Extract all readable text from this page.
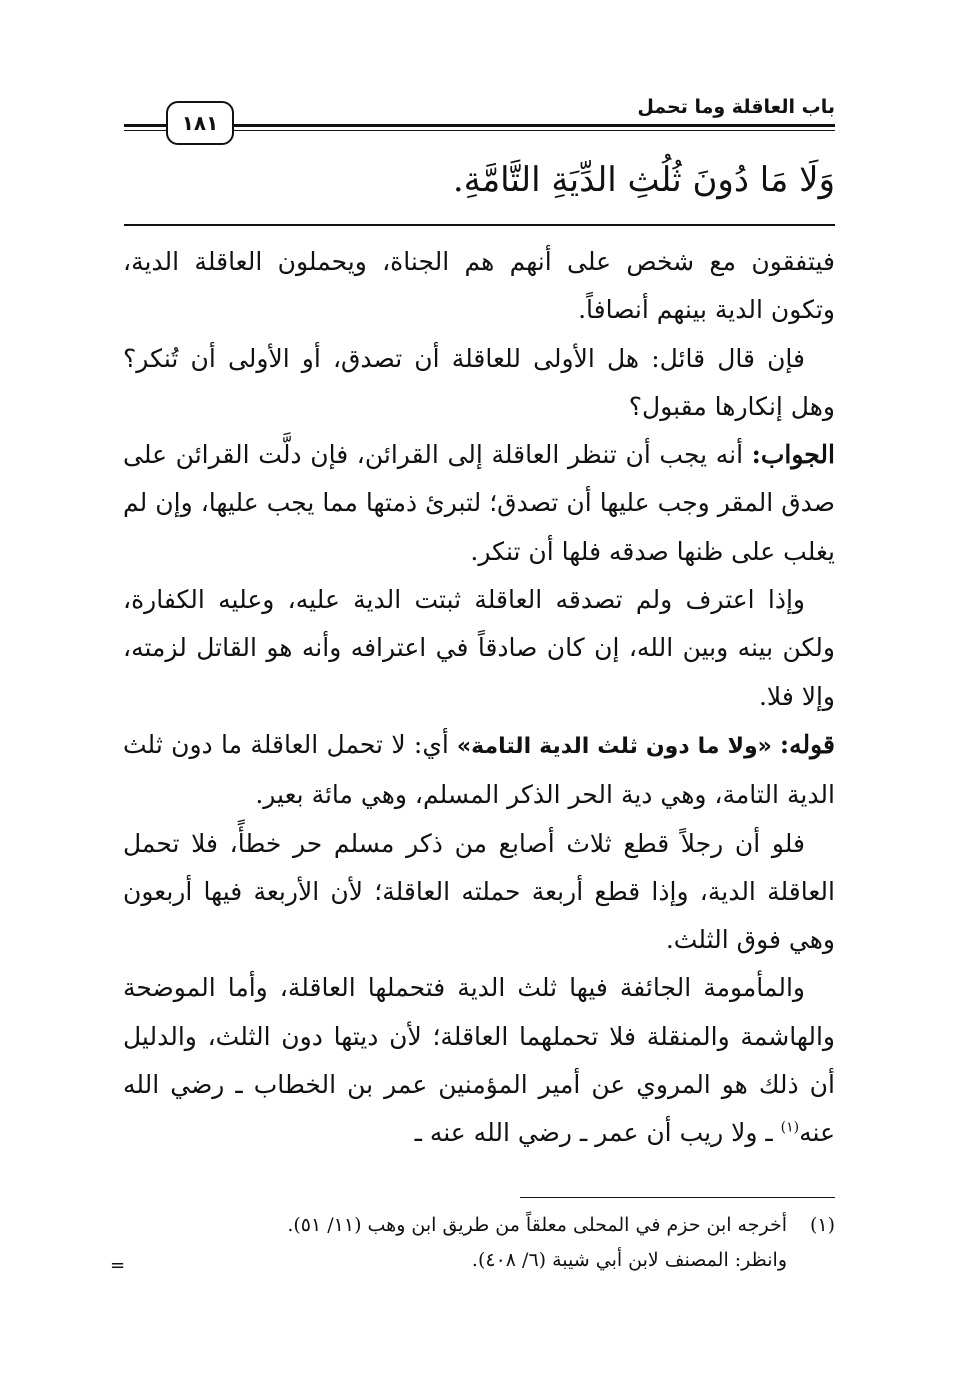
باب العاقلة وما تحمل
١٨١
وَلَا مَا دُونَ ثُلُثِ الدِّيَةِ التَّامَّةِ.

فيتفقون مع شخص على أنهم هم الجناة، ويحملون العاقلة الدية، وتكون الدية بينهم أنصافاً.

فإن قال قائل: هل الأولى للعاقلة أن تصدق، أو الأولى أن تُنكر؟ وهل إنكارها مقبول؟

الجواب: أنه يجب أن تنظر العاقلة إلى القرائن، فإن دلَّت القرائن على صدق المقر وجب عليها أن تصدق؛ لتبرئ ذمتها مما يجب عليها، وإن لم يغلب على ظنها صدقه فلها أن تنكر.

وإذا اعترف ولم تصدقه العاقلة ثبتت الدية عليه، وعليه الكفارة، ولكن بينه وبين الله، إن كان صادقاً في اعترافه وأنه هو القاتل لزمته، وإلا فلا.

قوله: «ولا ما دون ثلث الدية التامة» أي: لا تحمل العاقلة ما دون ثلث الدية التامة، وهي دية الحر الذكر المسلم، وهي مائة بعير.

فلو أن رجلاً قطع ثلاث أصابع من ذكر مسلم حر خطأً، فلا تحمل العاقلة الدية، وإذا قطع أربعة حملته العاقلة؛ لأن الأربعة فيها أربعون وهي فوق الثلث.

والمأمومة الجائفة فيها ثلث الدية فتحملها العاقلة، وأما الموضحة والهاشمة والمنقلة فلا تحملهما العاقلة؛ لأن ديتها دون الثلث، والدليل أن ذلك هو المروي عن أمير المؤمنين عمر بن الخطاب ـ رضي الله عنه$^{(١)}$ ـ ولا ريب أن عمر ـ رضي الله عنه ـ

(١)أخرجه ابن حزم في المحلى معلقاً من طريق ابن وهب (١١/ ٥١).
وانظر: المصنف لابن أبي شيبة (٦/ ٤٠٨).
=
